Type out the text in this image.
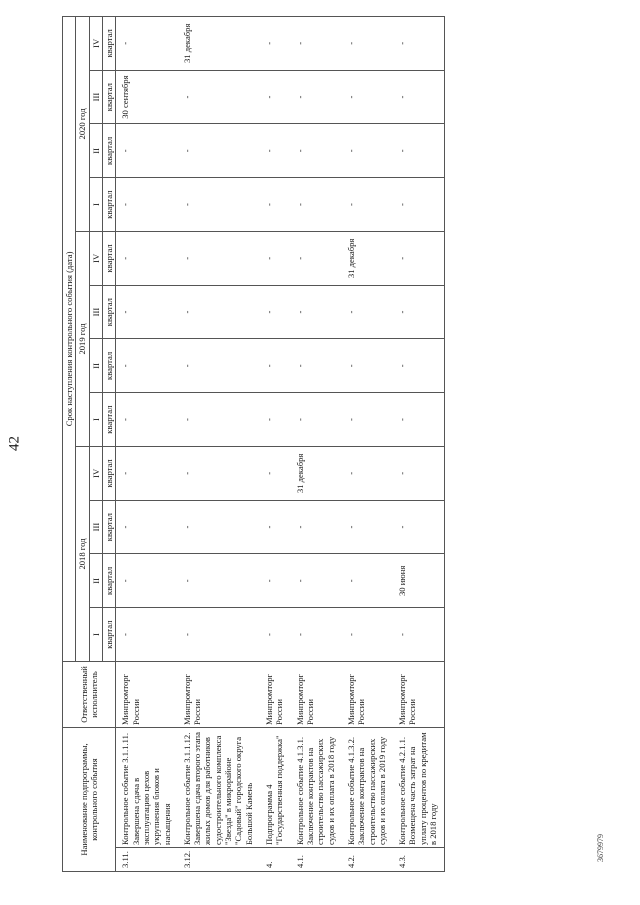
42
Наименование подпрограммы, контрольного события		Ответственный исполнитель	Срок наступления контрольного события (дата)											
			2018 год				2019 год				2020 год			
			I	II	III	IV	I	II	III	IV	I	II	III	IV
			квартал	квартал	квартал	квартал	квартал	квартал	квартал	квартал	квартал	квартал	квартал	квартал
3.11.	Контрольное событие 3.1.1.11. Завершена сдача в эксплуатацию цехов укрупнения блоков и насыщения	Минпромторг России	-	-	-	-	-	-	-	-	-	-	30 сентября	-
3.12.	Контрольное событие 3.1.1.12. Завершена сдача второго этапа жилых домов для работников судостроительного комплекса "Звезда" в микрорайоне "Садовый" городского округа Большой Камень	Минпромторг России	-	-	-	-	-	-	-	-	-	-	-	31 декабря
4.	Подпрограмма 4 "Государственная поддержка"	Минпромторг России	-	-	-	-	-	-	-	-	-	-	-	-
4.1.	Контрольное событие 4.1.3.1. Заключение контрактов на строительство пассажирских судов и их оплата в 2018 году	Минпромторг России	-	-	-	31 декабря	-	-	-	-	-	-	-	-
4.2.	Контрольное событие 4.1.3.2. Заключение контрактов на строительство пассажирских судов и их оплата в 2019 году	Минпромторг России	-	-	-	-	-	-	-	31 декабря	-	-	-	-
4.3.	Контрольное событие 4.2.1.1. Возмещена часть затрат на уплату процентов по кредитам в 2018 году	Минпромторг России	-	30 июня	-	-	-	-	-	-	-	-	-	-
3679979
